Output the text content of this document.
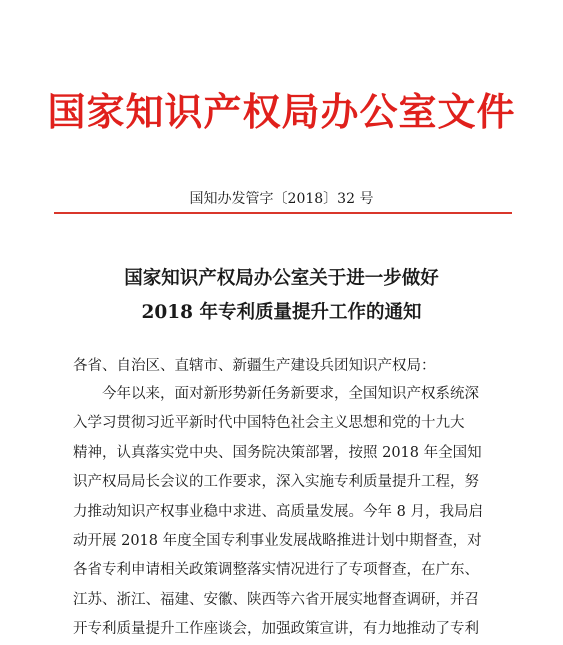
国家知识产权局办公室文件
国知办发管字〔2018〕32 号
国家知识产权局办公室关于进一步做好
2018 年专利质量提升工作的通知
各省、自治区、直辖市、新疆生产建设兵团知识产权局：
今年以来，面对新形势新任务新要求，全国知识产权系统深
入学习贯彻习近平新时代中国特色社会主义思想和党的十九大
精神，认真落实党中央、国务院决策部署，按照 2018 年全国知
识产权局局长会议的工作要求，深入实施专利质量提升工程，努
力推动知识产权事业稳中求进、高质量发展。今年 8 月，我局启
动开展 2018 年度全国专利事业发展战略推进计划中期督查，对
各省专利申请相关政策调整落实情况进行了专项督查，在广东、
江苏、浙江、福建、安徽、陕西等六省开展实地督查调研，并召
开专利质量提升工作座谈会，加强政策宣讲，有力地推动了专利
